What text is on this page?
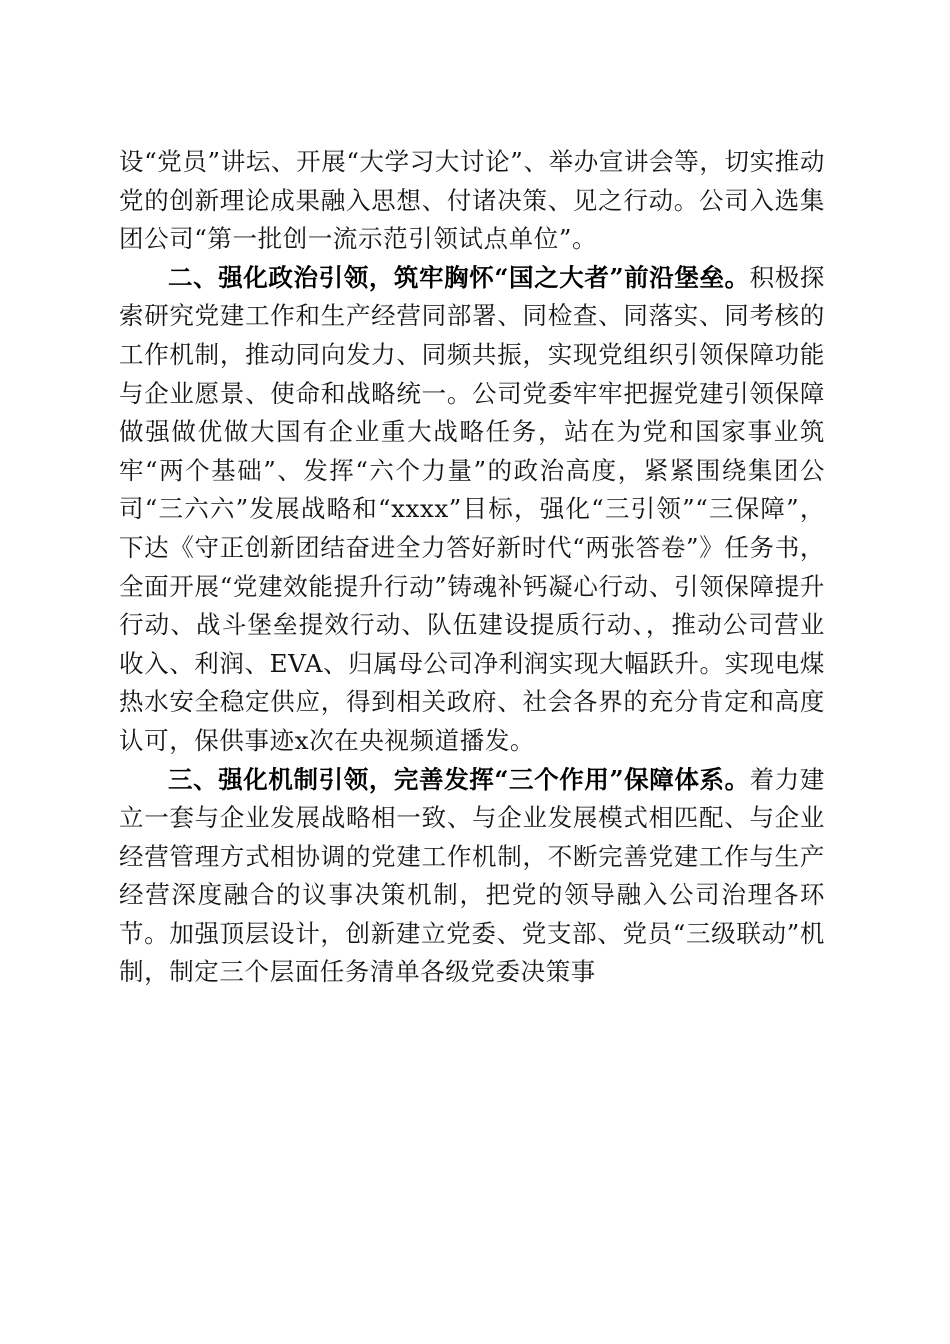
设“党员”讲坛、开展“大学习大讨论”、举办宣讲会等，切实推动党的创新理论成果融入思想、付诸决策、见之行动。公司入选集团公司“第一批创一流示范引领试点单位”。

二、强化政治引领，筑牢胸怀“国之大者”前沿堡垒。积极探索研究党建工作和生产经营同部署、同检查、同落实、同考核的工作机制，推动同向发力、同频共振，实现党组织引领保障功能与企业愿景、使命和战略统一。公司党委牢牢把握党建引领保障做强做优做大国有企业重大战略任务，站在为党和国家事业筑牢“两个基础”、发挥“六个力量”的政治高度，紧紧围绕集团公司“三六六”发展战略和“xxxx”目标，强化“三引领”“三保障”，下达《守正创新团结奋进全力答好新时代“两张答卷”》任务书，全面开展“党建效能提升行动”铸魂补钙凝心行动、引领保障提升行动、战斗堡垒提效行动、队伍建设提质行动、，推动公司营业收入、利润、EVA、归属母公司净利润实现大幅跃升。实现电煤热水安全稳定供应，得到相关政府、社会各界的充分肯定和高度认可，保供事迹x次在央视频道播发。

三、强化机制引领，完善发挥“三个作用”保障体系。着力建立一套与企业发展战略相一致、与企业发展模式相匹配、与企业经营管理方式相协调的党建工作机制，不断完善党建工作与生产经营深度融合的议事决策机制，把党的领导融入公司治理各环节。加强顶层设计，创新建立党委、党支部、党员“三级联动”机制，制定三个层面任务清单各级党委决策事
